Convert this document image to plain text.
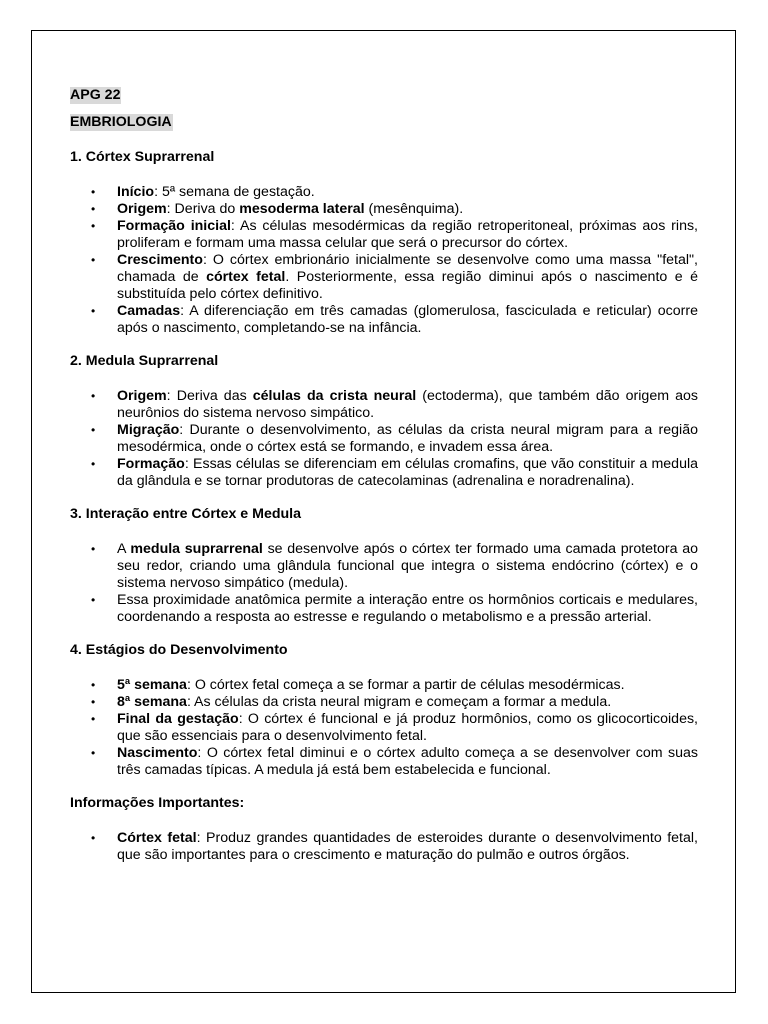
APG 22
EMBRIOLOGIA
1. Córtex Suprarrenal
• Início: 5ª semana de gestação.
• Origem: Deriva do mesoderma lateral (mesênquima).
• Formação inicial: As células mesodérmicas da região retroperitoneal, próximas aos rins, proliferam e formam uma massa celular que será o precursor do córtex.
• Crescimento: O córtex embrionário inicialmente se desenvolve como uma massa "fetal", chamada de córtex fetal. Posteriormente, essa região diminui após o nascimento e é substituída pelo córtex definitivo.
• Camadas: A diferenciação em três camadas (glomerulosa, fasciculada e reticular) ocorre após o nascimento, completando-se na infância.
2. Medula Suprarrenal
• Origem: Deriva das células da crista neural (ectoderma), que também dão origem aos neurônios do sistema nervoso simpático.
• Migração: Durante o desenvolvimento, as células da crista neural migram para a região mesodérmica, onde o córtex está se formando, e invadem essa área.
• Formação: Essas células se diferenciam em células cromafins, que vão constituir a medula da glândula e se tornar produtoras de catecolaminas (adrenalina e noradrenalina).
3. Interação entre Córtex e Medula
• A medula suprarrenal se desenvolve após o córtex ter formado uma camada protetora ao seu redor, criando uma glândula funcional que integra o sistema endócrino (córtex) e o sistema nervoso simpático (medula).
• Essa proximidade anatômica permite a interação entre os hormônios corticais e medulares, coordenando a resposta ao estresse e regulando o metabolismo e a pressão arterial.
4. Estágios do Desenvolvimento
• 5ª semana: O córtex fetal começa a se formar a partir de células mesodérmicas.
• 8ª semana: As células da crista neural migram e começam a formar a medula.
• Final da gestação: O córtex é funcional e já produz hormônios, como os glicocorticoides, que são essenciais para o desenvolvimento fetal.
• Nascimento: O córtex fetal diminui e o córtex adulto começa a se desenvolver com suas três camadas típicas. A medula já está bem estabelecida e funcional.
Informações Importantes:
• Córtex fetal: Produz grandes quantidades de esteroides durante o desenvolvimento fetal, que são importantes para o crescimento e maturação do pulmão e outros órgãos.
